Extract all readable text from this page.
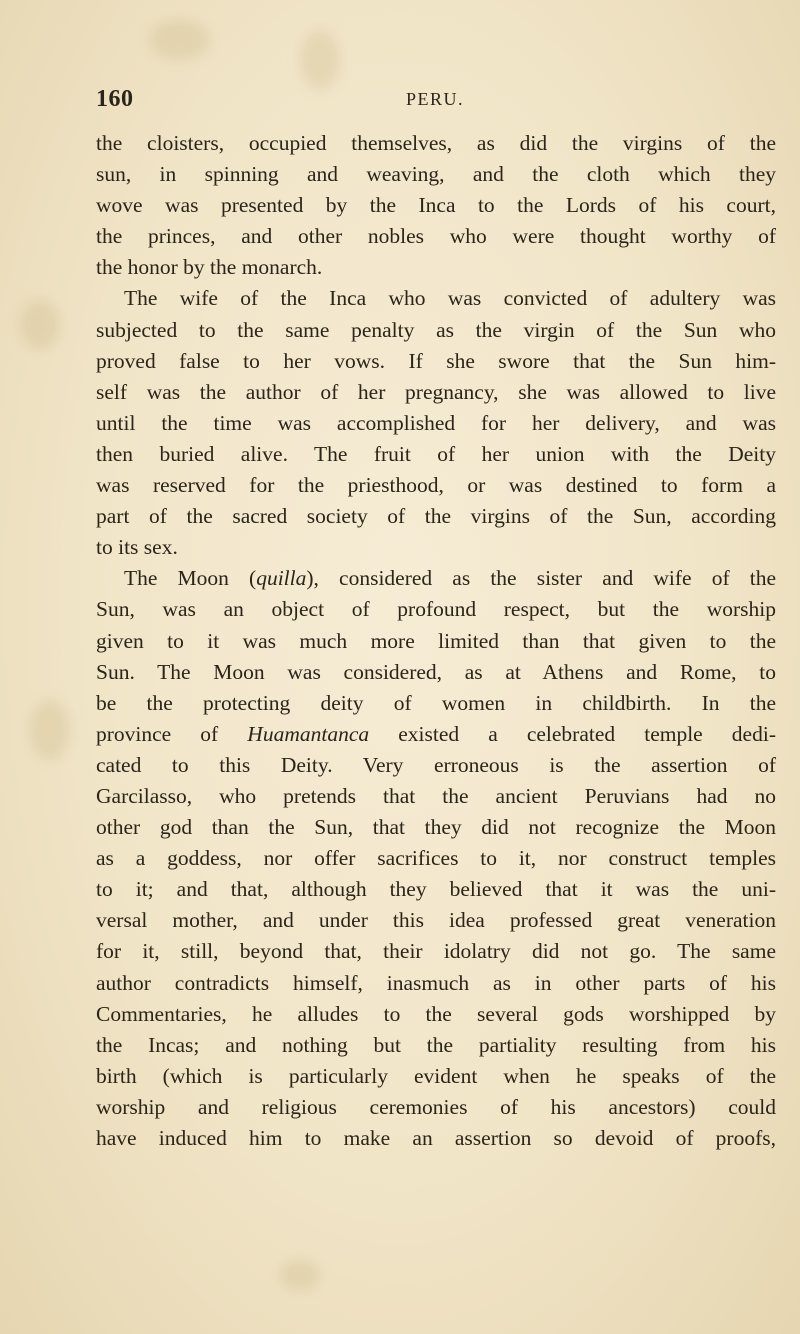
160	PERU.
the cloisters, occupied themselves, as did the virgins of the
sun, in spinning and weaving, and the cloth which they
wove was presented by the Inca to the Lords of his court,
the princes, and other nobles who were thought worthy of
the honor by the monarch.
The wife of the Inca who was convicted of adultery was
subjected to the same penalty as the virgin of the Sun who
proved false to her vows. If she swore that the Sun him-
self was the author of her pregnancy, she was allowed to live
until the time was accomplished for her delivery, and was
then buried alive. The fruit of her union with the Deity
was reserved for the priesthood, or was destined to form a
part of the sacred society of the virgins of the Sun, according
to its sex.
The Moon (quilla), considered as the sister and wife of the
Sun, was an object of profound respect, but the worship
given to it was much more limited than that given to the
Sun. The Moon was considered, as at Athens and Rome, to
be the protecting deity of women in childbirth. In the
province of Huamantanca existed a celebrated temple dedi-
cated to this Deity. Very erroneous is the assertion of
Garcilasso, who pretends that the ancient Peruvians had no
other god than the Sun, that they did not recognize the Moon
as a goddess, nor offer sacrifices to it, nor construct temples
to it; and that, although they believed that it was the uni-
versal mother, and under this idea professed great veneration
for it, still, beyond that, their idolatry did not go. The same
author contradicts himself, inasmuch as in other parts of his
Commentaries, he alludes to the several gods worshipped by
the Incas; and nothing but the partiality resulting from his
birth (which is particularly evident when he speaks of the
worship and religious ceremonies of his ancestors) could
have induced him to make an assertion so devoid of proofs,
